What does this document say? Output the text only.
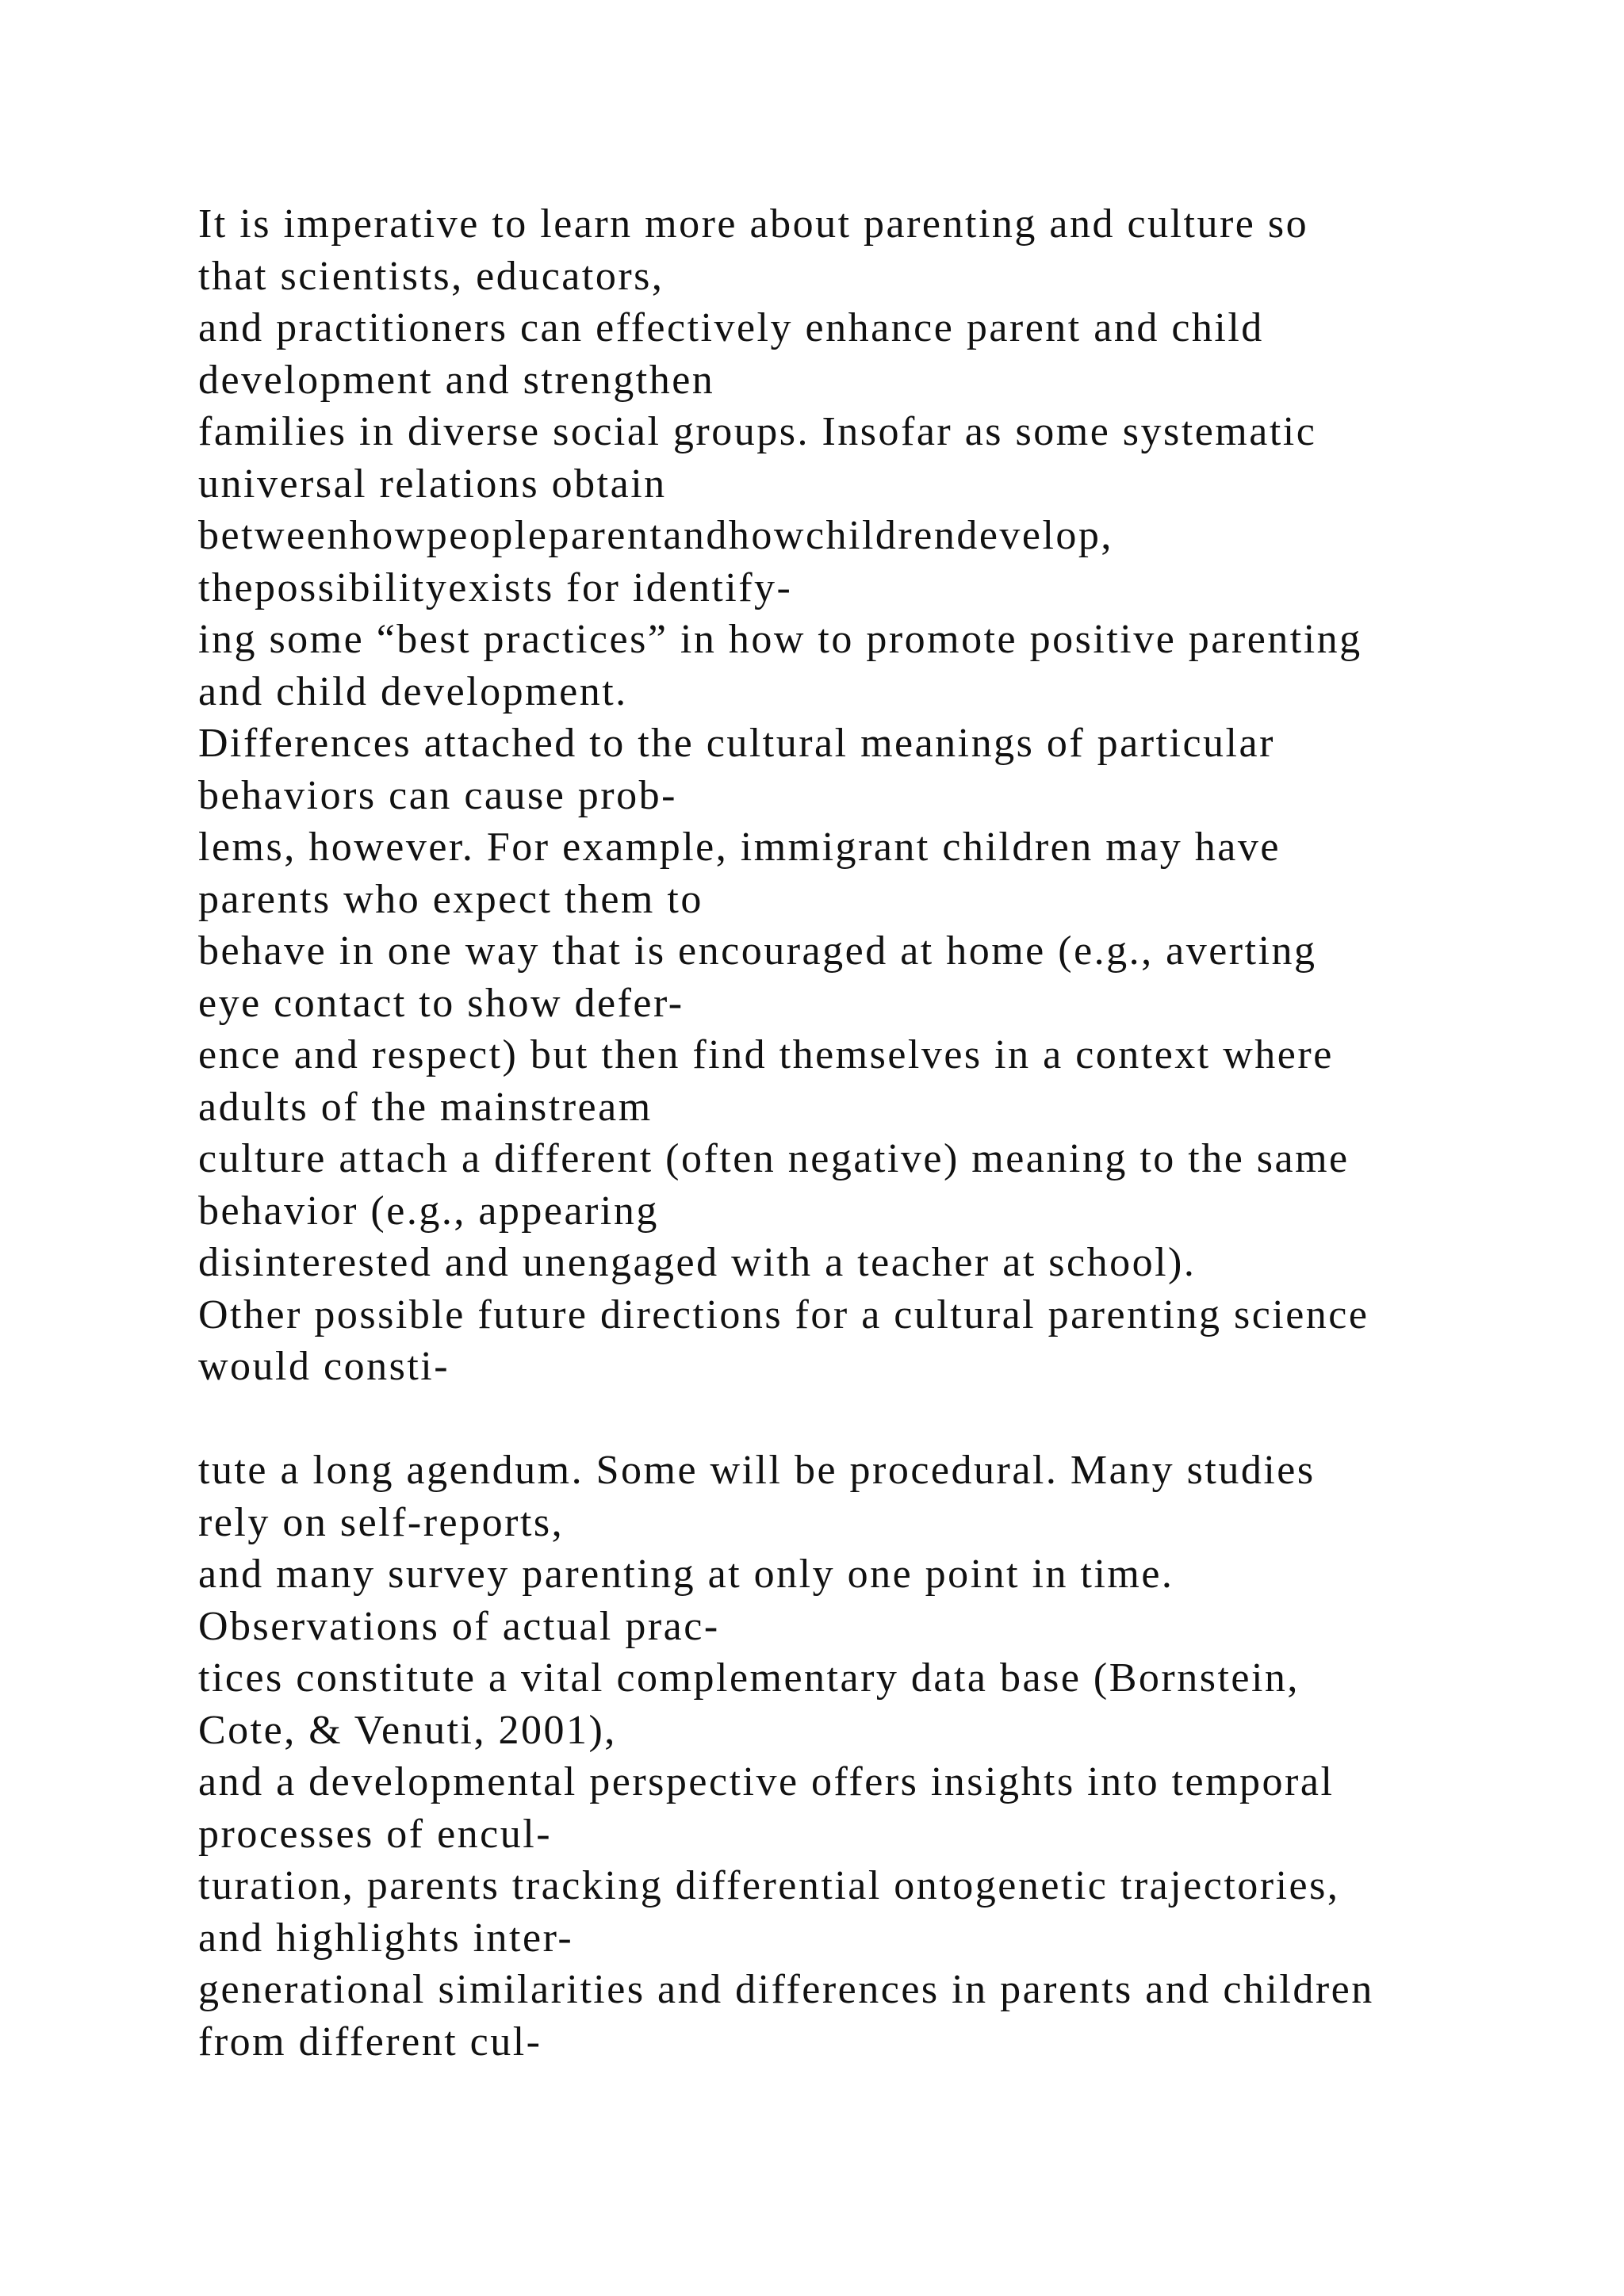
It is imperative to learn more about parenting and culture so
that scientists, educators,
and practitioners can effectively enhance parent and child
development and strengthen
families in diverse social groups. Insofar as some systematic
universal relations obtain
betweenhowpeopleparentandhowchildrendevelop,
thepossibilityexists for identify-
ing some “best practices” in how to promote positive parenting
and child development.
Differences attached to the cultural meanings of particular
behaviors can cause prob-
lems, however. For example, immigrant children may have
parents who expect them to
behave in one way that is encouraged at home (e.g., averting
eye contact to show defer-
ence and respect) but then find themselves in a context where
adults of the mainstream
culture attach a different (often negative) meaning to the same
behavior (e.g., appearing
disinterested and unengaged with a teacher at school).
Other possible future directions for a cultural parenting science
would consti-
tute a long agendum. Some will be procedural. Many studies
rely on self-reports,
and many survey parenting at only one point in time.
Observations of actual prac-
tices constitute a vital complementary data base (Bornstein,
Cote, & Venuti, 2001),
and a developmental perspective offers insights into temporal
processes of encul-
turation, parents tracking differential ontogenetic trajectories,
and highlights inter-
generational similarities and differences in parents and children
from different cul-
